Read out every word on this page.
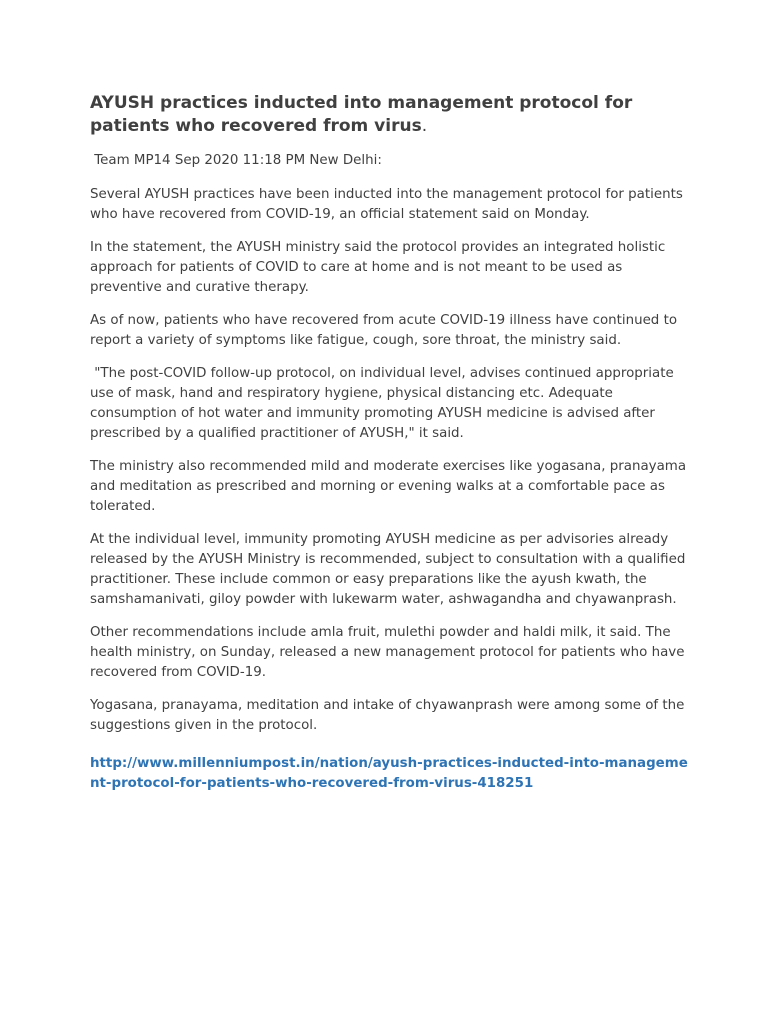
AYUSH practices inducted into management protocol for patients who recovered from virus.

Team MP14 Sep 2020 11:18 PM New Delhi:

Several AYUSH practices have been inducted into the management protocol for patients who have recovered from COVID-19, an official statement said on Monday.

In the statement, the AYUSH ministry said the protocol provides an integrated holistic approach for patients of COVID to care at home and is not meant to be used as preventive and curative therapy.

As of now, patients who have recovered from acute COVID-19 illness have continued to report a variety of symptoms like fatigue, cough, sore throat, the ministry said.

"The post-COVID follow-up protocol, on individual level, advises continued appropriate use of mask, hand and respiratory hygiene, physical distancing etc. Adequate consumption of hot water and immunity promoting AYUSH medicine is advised after prescribed by a qualified practitioner of AYUSH," it said.

The ministry also recommended mild and moderate exercises like yogasana, pranayama and meditation as prescribed and morning or evening walks at a comfortable pace as tolerated.

At the individual level, immunity promoting AYUSH medicine as per advisories already released by the AYUSH Ministry is recommended, subject to consultation with a qualified practitioner. These include common or easy preparations like the ayush kwath, the samshamanivati, giloy powder with lukewarm water, ashwagandha and chyawanprash.

Other recommendations include amla fruit, mulethi powder and haldi milk, it said. The health ministry, on Sunday, released a new management protocol for patients who have recovered from COVID-19.

Yogasana, pranayama, meditation and intake of chyawanprash were among some of the suggestions given in the protocol.

http://www.millenniumpost.in/nation/ayush-practices-inducted-into-management-protocol-for-patients-who-recovered-from-virus-418251
